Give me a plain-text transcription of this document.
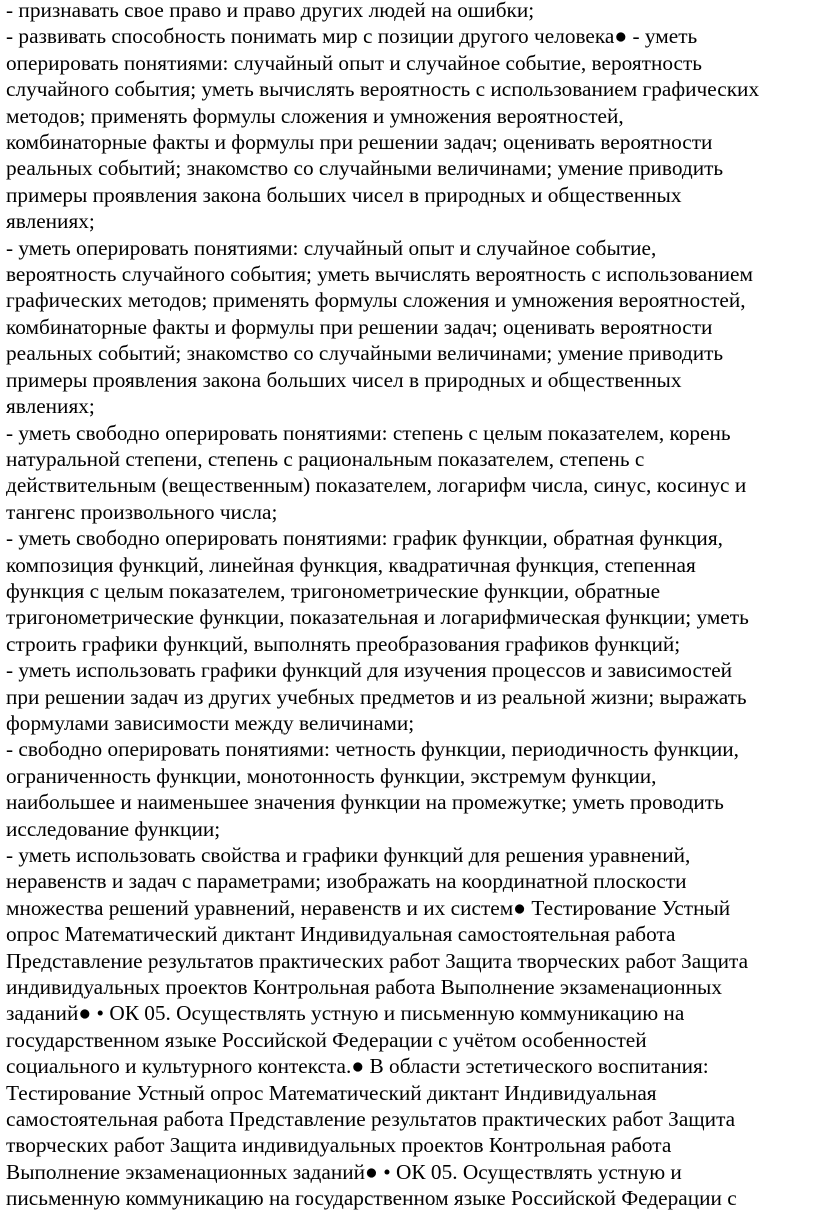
- признавать свое право и право других людей на ошибки;
- развивать способность понимать мир с позиции другого человека● - уметь
оперировать понятиями: случайный опыт и случайное событие, вероятность
случайного события; уметь вычислять вероятность с использованием графических
методов; применять формулы сложения и умножения вероятностей,
комбинаторные факты и формулы при решении задач; оценивать вероятности
реальных событий; знакомство со случайными величинами; умение приводить
примеры проявления закона больших чисел в природных и общественных
явлениях;
- уметь оперировать понятиями: случайный опыт и случайное событие,
вероятность случайного события; уметь вычислять вероятность с использованием
графических методов; применять формулы сложения и умножения вероятностей,
комбинаторные факты и формулы при решении задач; оценивать вероятности
реальных событий; знакомство со случайными величинами; умение приводить
примеры проявления закона больших чисел в природных и общественных
явлениях;
- уметь свободно оперировать понятиями: степень с целым показателем, корень
натуральной степени, степень с рациональным показателем, степень с
действительным (вещественным) показателем, логарифм числа, синус, косинус и
тангенс произвольного числа;
- уметь свободно оперировать понятиями: график функции, обратная функция,
композиция функций, линейная функция, квадратичная функция, степенная
функция с целым показателем, тригонометрические функции, обратные
тригонометрические функции, показательная и логарифмическая функции; уметь
строить графики функций, выполнять преобразования графиков функций;
- уметь использовать графики функций для изучения процессов и зависимостей
при решении задач из других учебных предметов и из реальной жизни; выражать
формулами зависимости между величинами;
- свободно оперировать понятиями: четность функции, периодичность функции,
ограниченность функции, монотонность функции, экстремум функции,
наибольшее и наименьшее значения функции на промежутке; уметь проводить
исследование функции;
- уметь использовать свойства и графики функций для решения уравнений,
неравенств и задач с параметрами; изображать на координатной плоскости
множества решений уравнений, неравенств и их систем● Тестирование Устный
опрос Математический диктант Индивидуальная самостоятельная работа
Представление результатов практических работ Защита творческих работ Защита
индивидуальных проектов Контрольная работа Выполнение экзаменационных
заданий● • ОК 05. Осуществлять устную и письменную коммуникацию на
государственном языке Российской Федерации с учётом особенностей
социального и культурного контекста.● В области эстетического воспитания:
Тестирование Устный опрос Математический диктант Индивидуальная
самостоятельная работа Представление результатов практических работ Защита
творческих работ Защита индивидуальных проектов Контрольная работа
Выполнение экзаменационных заданий● • ОК 05. Осуществлять устную и
письменную коммуникацию на государственном языке Российской Федерации с
